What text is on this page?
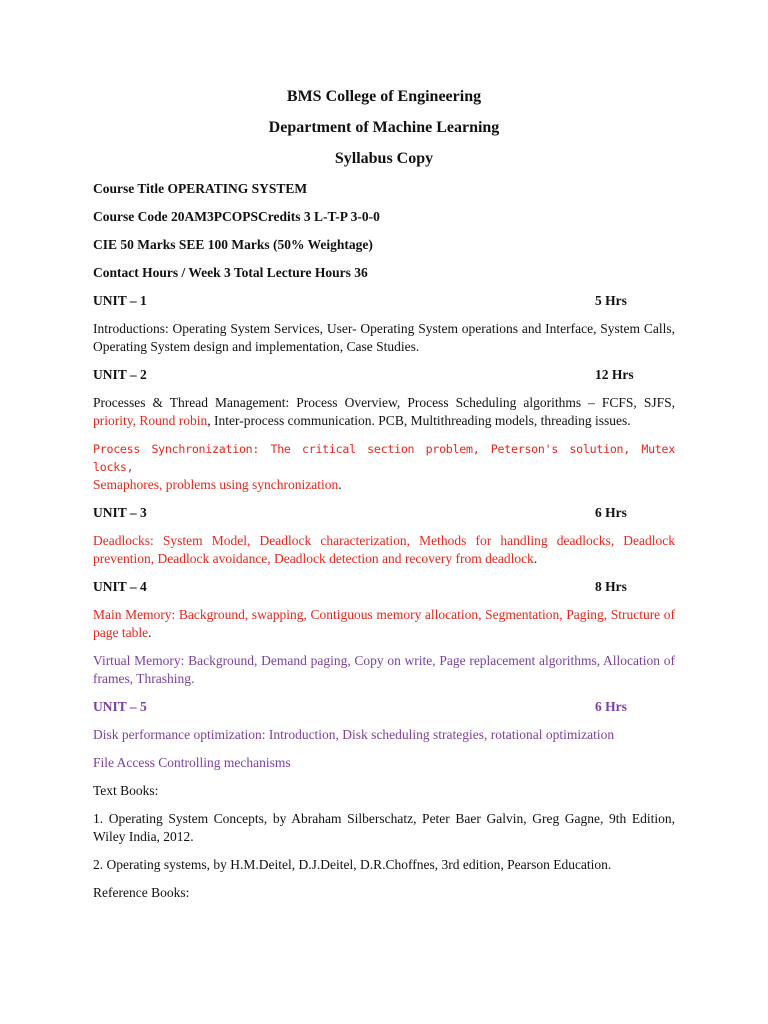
BMS College of Engineering
Department of Machine Learning
Syllabus Copy
Course Title OPERATING SYSTEM
Course Code 20AM3PCOPSCredits 3 L-T-P 3-0-0
CIE 50 Marks SEE 100 Marks (50% Weightage)
Contact Hours / Week 3 Total Lecture Hours 36
UNIT – 1	5 Hrs
Introductions: Operating System Services, User- Operating System operations and Interface, System Calls, Operating System design and implementation, Case Studies.
UNIT – 2	12 Hrs
Processes & Thread Management: Process Overview, Process Scheduling algorithms – FCFS, SJFS, priority, Round robin, Inter-process communication. PCB, Multithreading models, threading issues.
Process Synchronization: The critical section problem, Peterson's solution, Mutex locks,
Semaphores, problems using synchronization.
UNIT – 3	6 Hrs
Deadlocks: System Model, Deadlock characterization, Methods for handling deadlocks, Deadlock prevention, Deadlock avoidance, Deadlock detection and recovery from deadlock.
UNIT – 4	8 Hrs
Main Memory: Background, swapping, Contiguous memory allocation, Segmentation, Paging, Structure of page table.
Virtual Memory: Background, Demand paging, Copy on write, Page replacement algorithms, Allocation of frames, Thrashing.
UNIT – 5	6 Hrs
Disk performance optimization: Introduction, Disk scheduling strategies, rotational optimization
File Access Controlling mechanisms
Text Books:
1. Operating System Concepts, by Abraham Silberschatz, Peter Baer Galvin, Greg Gagne, 9th Edition, Wiley India, 2012.
2. Operating systems, by H.M.Deitel, D.J.Deitel, D.R.Choffnes, 3rd edition, Pearson Education.
Reference Books:
